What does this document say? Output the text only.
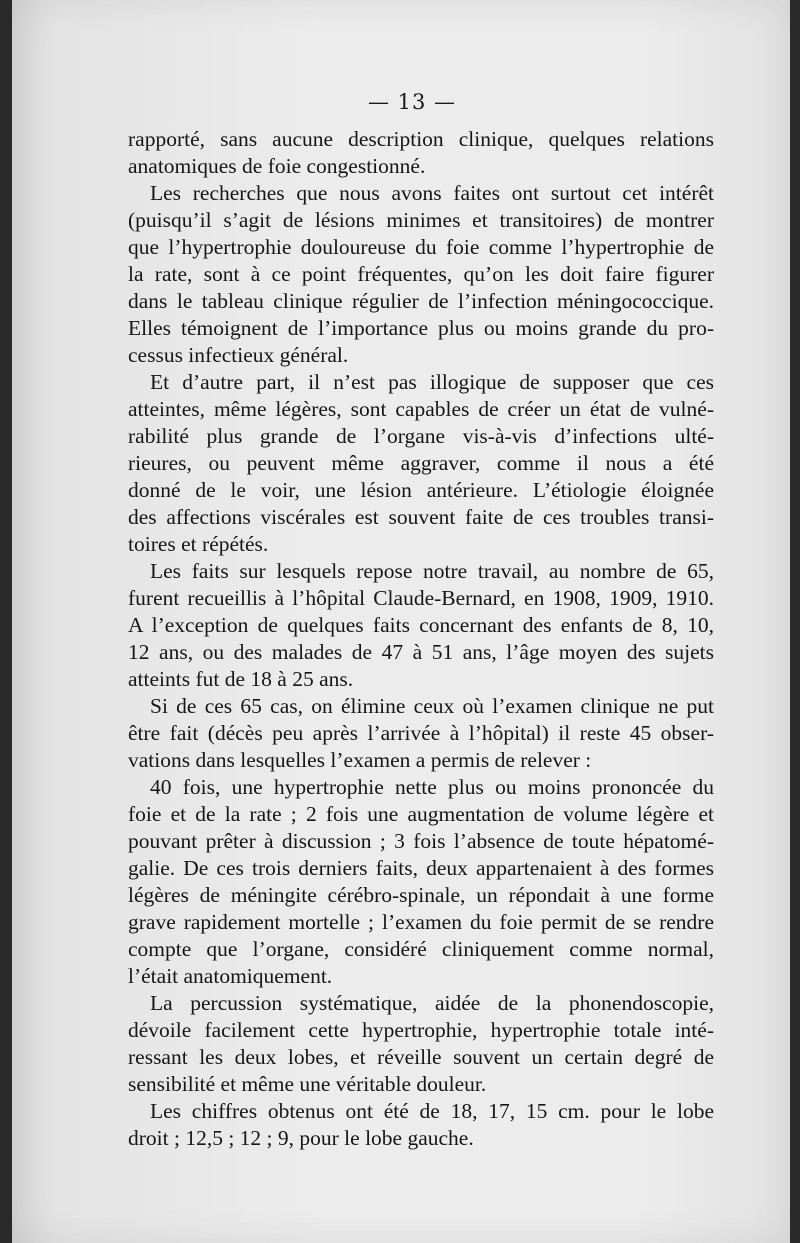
— 13 —
rapporté, sans aucune description clinique, quelques relations
anatomiques de foie congestionné.
Les recherches que nous avons faites ont surtout cet intérêt
(puisqu’il s’agit de lésions minimes et transitoires) de montrer
que l’hypertrophie douloureuse du foie comme l’hypertrophie de
la rate, sont à ce point fréquentes, qu’on les doit faire figurer
dans le tableau clinique régulier de l’infection méningococcique.
Elles témoignent de l’importance plus ou moins grande du pro-
cessus infectieux général.
Et d’autre part, il n’est pas illogique de supposer que ces
atteintes, même légères, sont capables de créer un état de vulné-
rabilité plus grande de l’organe vis-à-vis d’infections ulté-
rieures, ou peuvent même aggraver, comme il nous a été
donné de le voir, une lésion antérieure. L’étiologie éloignée
des affections viscérales est souvent faite de ces troubles transi-
toires et répétés.
Les faits sur lesquels repose notre travail, au nombre de 65,
furent recueillis à l’hôpital Claude-Bernard, en 1908, 1909, 1910.
A l’exception de quelques faits concernant des enfants de 8, 10,
12 ans, ou des malades de 47 à 51 ans, l’âge moyen des sujets
atteints fut de 18 à 25 ans.
Si de ces 65 cas, on élimine ceux où l’examen clinique ne put
être fait (décès peu après l’arrivée à l’hôpital) il reste 45 obser-
vations dans lesquelles l’examen a permis de relever :
40 fois, une hypertrophie nette plus ou moins prononcée du
foie et de la rate ; 2 fois une augmentation de volume légère et
pouvant prêter à discussion ; 3 fois l’absence de toute hépatomé-
galie. De ces trois derniers faits, deux appartenaient à des formes
légères de méningite cérébro-spinale, un répondait à une forme
grave rapidement mortelle ; l’examen du foie permit de se rendre
compte que l’organe, considéré cliniquement comme normal,
l’était anatomiquement.
La percussion systématique, aidée de la phonendoscopie,
dévoile facilement cette hypertrophie, hypertrophie totale inté-
ressant les deux lobes, et réveille souvent un certain degré de
sensibilité et même une véritable douleur.
Les chiffres obtenus ont été de 18, 17, 15 cm. pour le lobe
droit ; 12,5 ; 12 ; 9, pour le lobe gauche.
